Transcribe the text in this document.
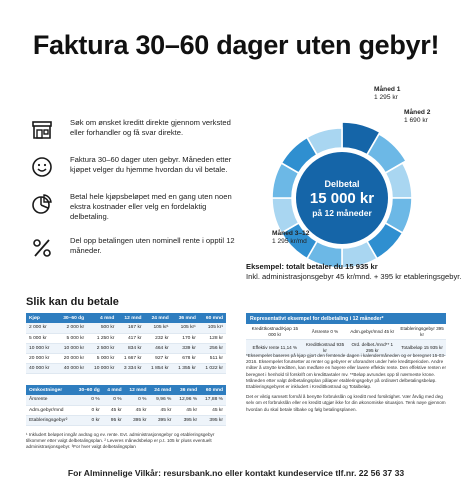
Faktura 30–60 dager uten gebyr!
Søk om ønsket kreditt direkte gjennom verksted eller forhandler og få svar direkte.
Faktura 30–60 dager uten gebyr. Måneden etter kjøpet velger du hjemme hvordan du vil betale.
Betal hele kjøpsbeløpet med en gang uten noen ekstra kostnader eller velg en fordelaktig delbetaling.
Del opp betalingen uten nominell rente i opptil 12 måneder.
Delbetal
15 000 kr
på 12 måneder
Måned 1
1 295 kr
Måned 2
1 690 kr
Måned 3–12
1 295 kr/md
Eksempel: totalt betaler du 15 935 kr
Inkl. administrasjonsgebyr 45 kr/mnd. + 395 kr etableringsgebyr.
Slik kan du betale
Kjøp	30–60 dg	4 mnd	12 mnd	24 mnd	36 mnd	60 mnd
2 000 kr	2 000 kr	500 kr	167 kr	105 kr¹	105 kr¹	105 kr¹
5 000 kr	5 000 kr	1 250 kr	417 kr	232 kr	170 kr	128 kr
10 000 kr	10 000 kr	2 500 kr	834 kr	464 kr	339 kr	256 kr
20 000 kr	20 000 kr	5 000 kr	1 667 kr	927 kr	678 kr	511 kr
40 000 kr	40 000 kr	10 000 kr	3 334 kr	1 854 kr	1 355 kr	1 022 kr
Omkostninger	30–60 dg	4 mnd	12 mnd	24 mnd	36 mnd	60 mnd
Årsrente	0 %	0 %	0 %	9,96 %	12,96 %	17,88 %
Adm.gebyr/mnd	0 kr	45 kr	45 kr	45 kr	45 kr	45 kr
Etableringsgebyr²	0 kr	95 kr	395 kr	395 kr	395 kr	395 kr
¹ Inkludert beløpet inngår avdrag og ev. rente. Evt. administrasjonsgebyr og etableringsgebyr tilkommer etter valgt delbetalingsplan. ² Leveres månedsbeløp er p.t. 105 kr pluss eventuelt administrasjonsgebyr. ³For hver valgt delbetalingsplan
Representativt eksempel for delbetaling i 12 måneder*
Kredittkostnad/Kjøp 15 000 kr	Årsrente 0 %	Adm.gebyr/mnd 45 kr	Etableringsgebyr 395 kr
Effektiv rente 11,14 %	Kredittkostnad 935 kr	Ord. delbet./mnd** 1 295 kr	Totalbeløp 15 935 kr

*Eksempelet baseres på kjøp gjort den femtende dagen i kalendermåneden og er beregnet 15-03-2016. Eksempelet forutsetter at renter og gebyrer er uforandret under hele kredittperioden. Andre måter å utnytte kreditten, kan medføre en høyere eller lavere effektiv rente. Den effektive renten er beregnet i henhold til forskrift om kredittavtaler mv. **Beløp avrundes opp til nærmeste krone. Måneden etter valgt delbetalingsplan påløper etableringsgebyr på ordinært delbetalingsbeløp. Etableringsgebyret er inkludert i Kredittkostnad og Totalbeløp.

Det er viktig samsett formål å benytte forbrukslån og kreditt med forsiktighet. Vær årvåg med deg selv om et forbrukslån eller en kreditt utgjør ikke for din økonomiske situasjon. Tenk nøye gjennom hvordan du skal betale tilbake og følg betalingsplanen.

For Alminnelige Vilkår: resursbank.no eller kontakt kundeservice tlf.nr. 22 56 37 33
